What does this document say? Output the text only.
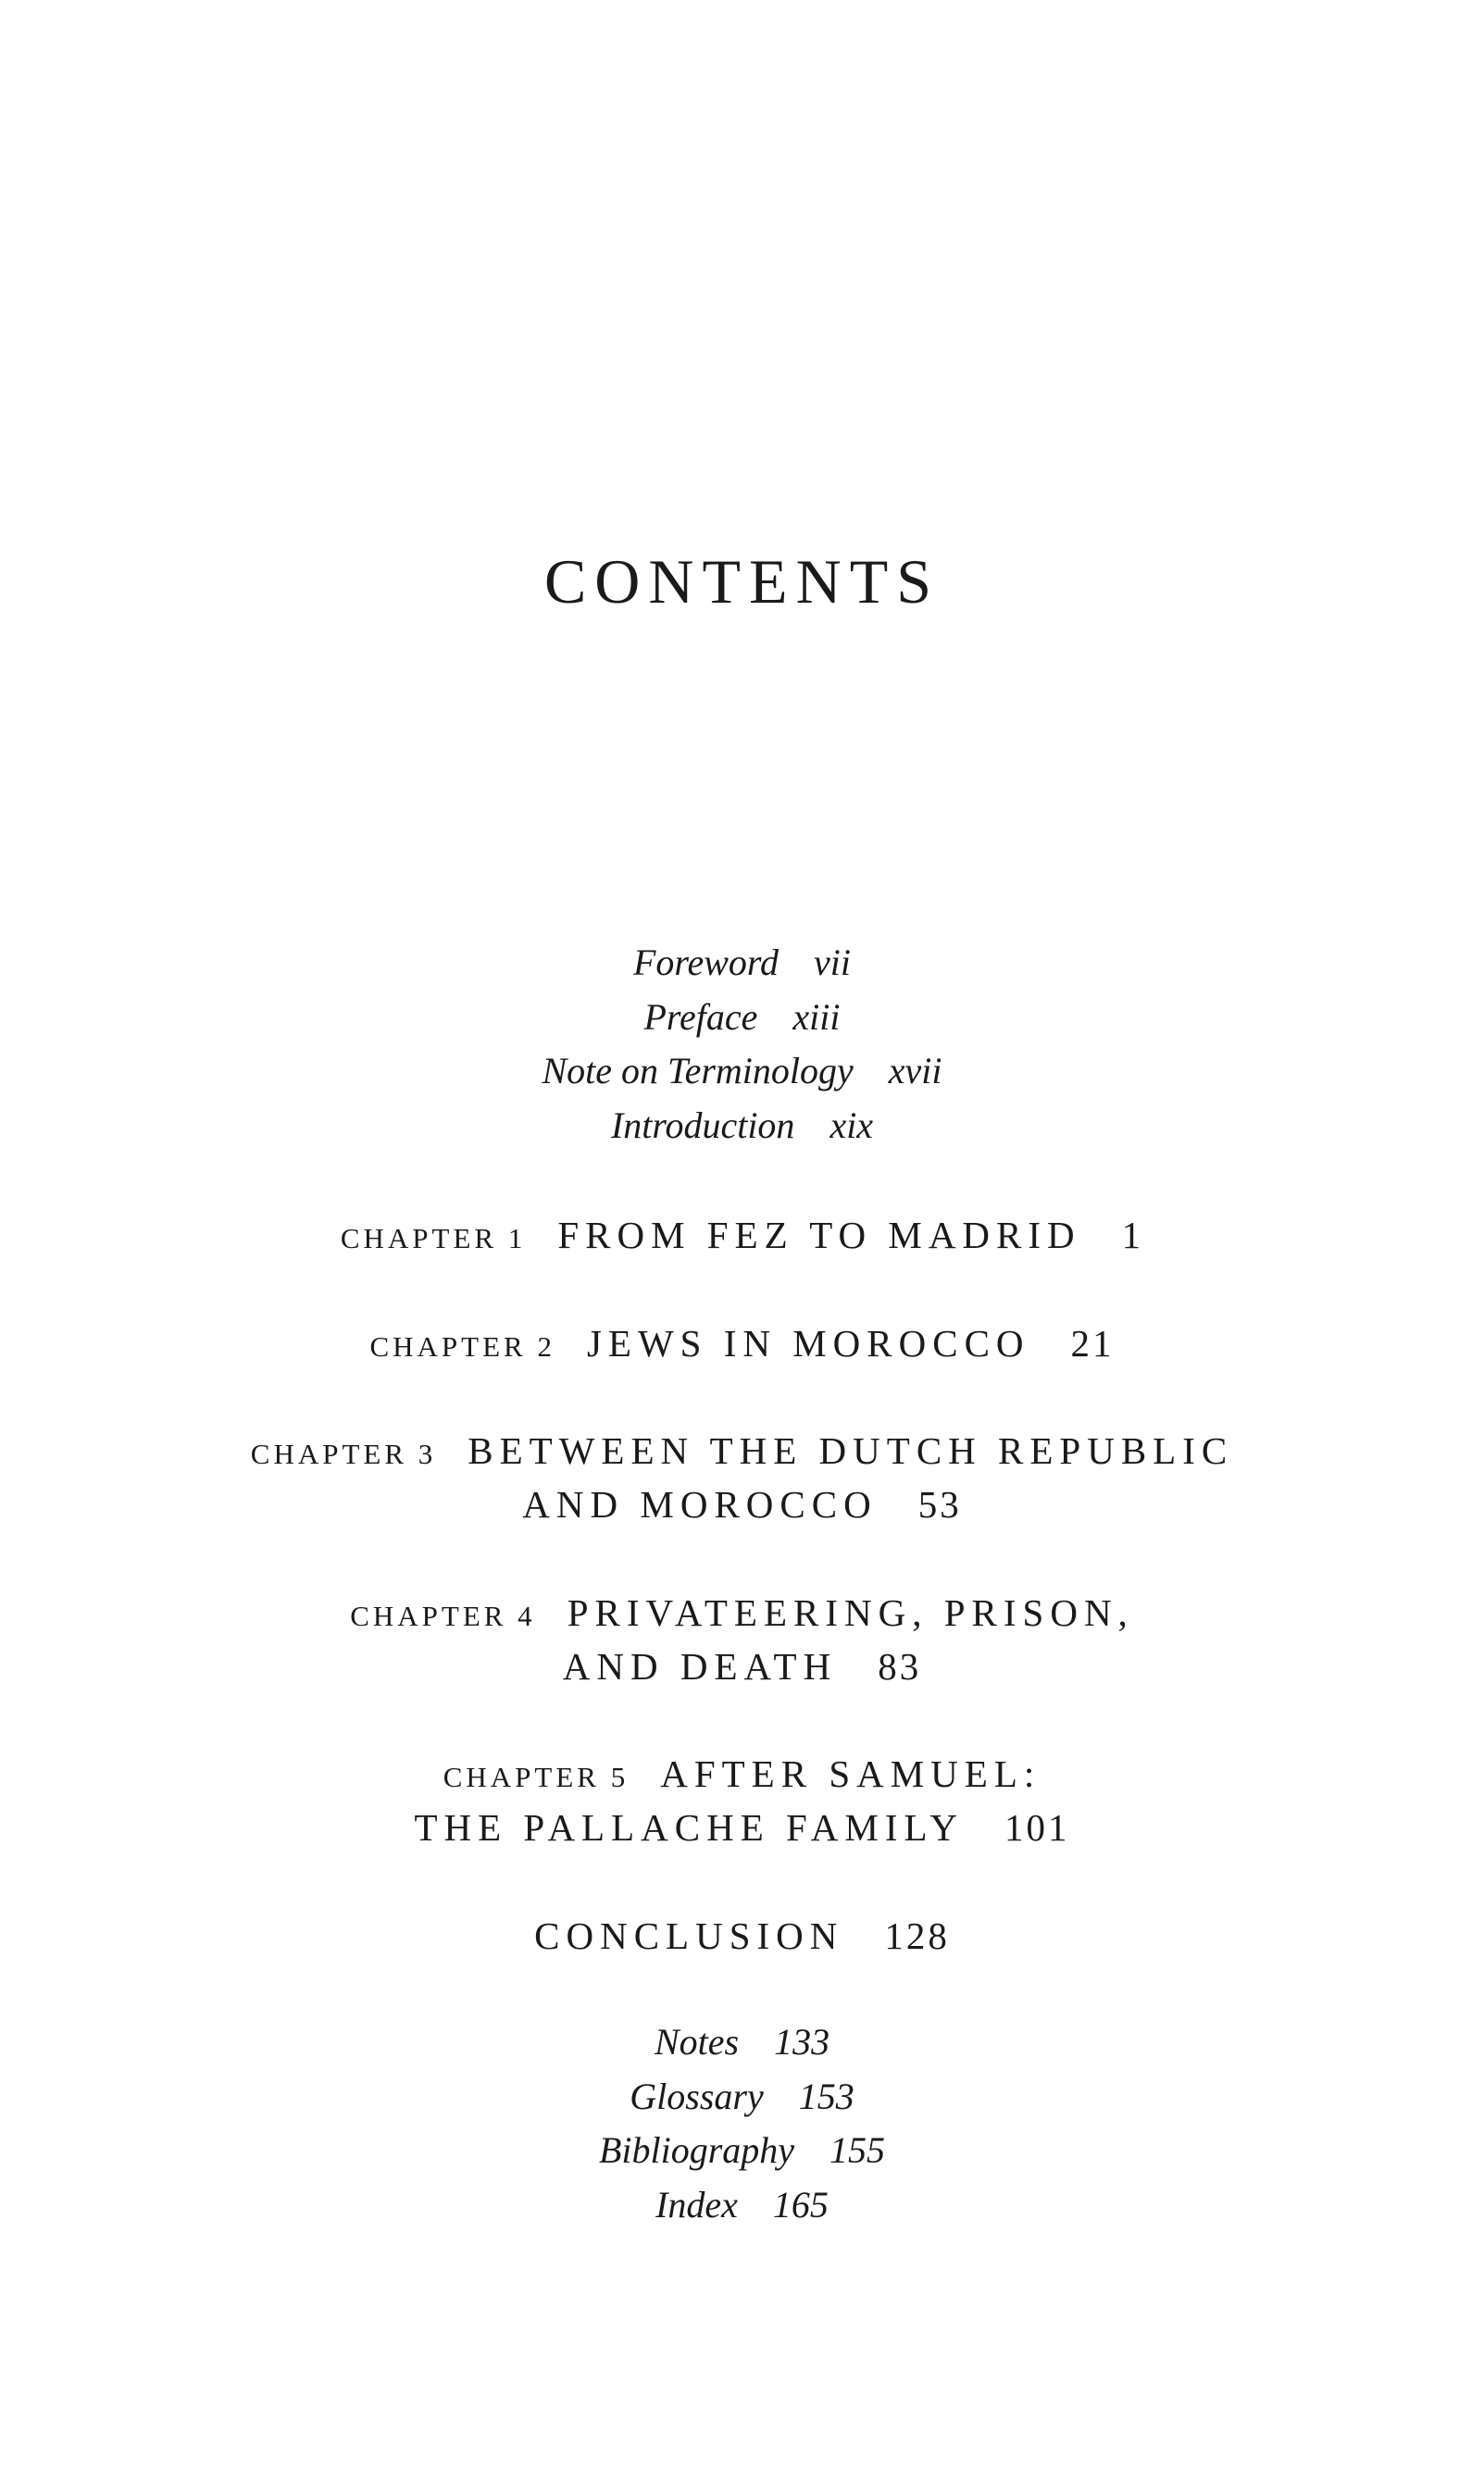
CONTENTS
Foreword vii
Preface xiii
Note on Terminology xvii
Introduction xix
CHAPTER 1 FROM FEZ TO MADRID 1
CHAPTER 2 JEWS IN MOROCCO 21
CHAPTER 3 BETWEEN THE DUTCH REPUBLIC
AND MOROCCO 53
CHAPTER 4 PRIVATEERING, PRISON,
AND DEATH 83
CHAPTER 5 AFTER SAMUEL:
THE PALLACHE FAMILY 101
CONCLUSION 128
Notes 133
Glossary 153
Bibliography 155
Index 165
